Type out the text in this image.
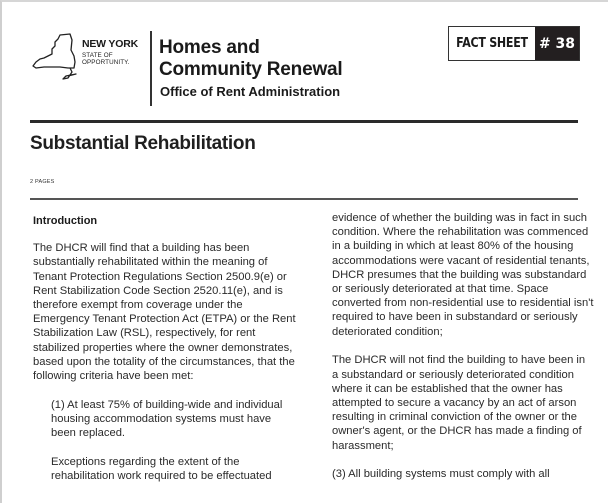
NEW YORK
STATE OF
OPPORTUNITY.
Homes and
Community Renewal
Office of Rent Administration
FACT SHEET # 38
Substantial Rehabilitation
2 PAGES

Introduction

The DHCR will find that a building has been substantially rehabilitated within the meaning of Tenant Protection Regulations Section 2500.9(e) or Rent Stabilization Code Section 2520.11(e), and is therefore exempt from coverage under the Emergency Tenant Protection Act (ETPA) or the Rent Stabilization Law (RSL), respectively, for rent stabilized properties where the owner demonstrates, based upon the totality of the circumstances, that the following criteria have been met:

(1) At least 75% of building-wide and individual housing accommodation systems must have been replaced.

Exceptions regarding the extent of the rehabilitation work required to be effectuated

evidence of whether the building was in fact in such condition. Where the rehabilitation was commenced in a building in which at least 80% of the housing accommodations were vacant of residential tenants, DHCR presumes that the building was substandard or seriously deteriorated at that time. Space converted from non-residential use to residential isn't required to have been in substandard or seriously deteriorated condition;

The DHCR will not find the building to have been in a substandard or seriously deteriorated condition where it can be established that the owner has attempted to secure a vacancy by an act of arson resulting in criminal conviction of the owner or the owner's agent, or the DHCR has made a finding of harassment;

(3) All building systems must comply with all
